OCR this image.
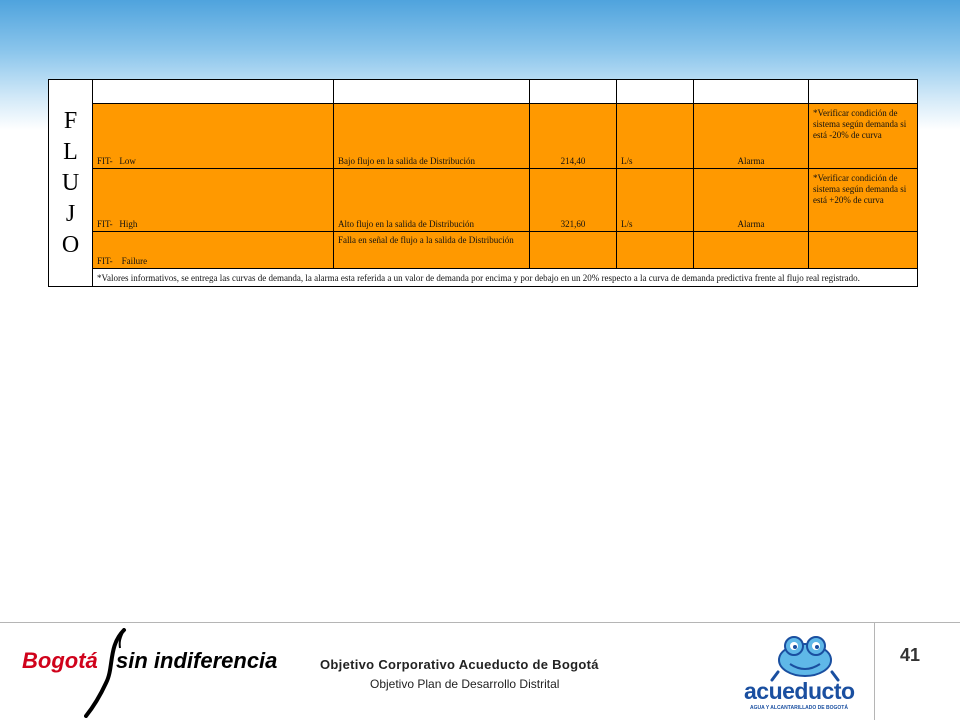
F
L
U
J
O						

	FIT-   Low	Bajo flujo en la salida de Distribución	214,40	L/s	Alarma	*Verificar condición de sistema según demanda si está -20% de curva
	FIT-   High	Alto flujo en la salida de Distribución	321,60	L/s	Alarma	*Verificar condición de sistema según demanda si está +20% de curva
	FIT-    Failure	Falla en señal de flujo a la salida de Distribución				
	*Valores informativos, se entrega las curvas de demanda, la alarma esta referida a un valor de demanda por encima y por debajo en un 20% respecto a la curva de demanda predictiva frente al flujo real registrado.					
Bogotá sin indiferencia	Objetivo Corporativo Acueducto de Bogotá
Objetivo Plan de Desarrollo Distrital	acueducto
AGUA Y ALCANTARILLADO DE BOGOTÁ
41
